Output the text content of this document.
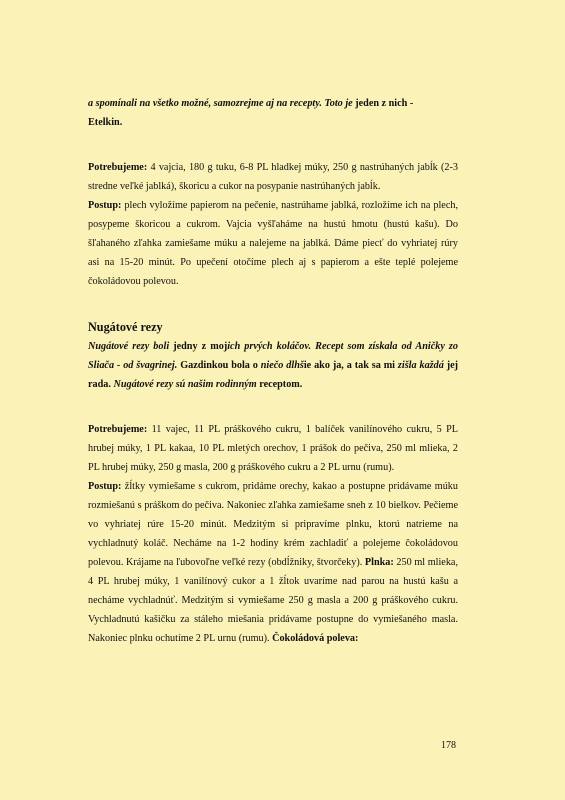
a spomínali na všetko možné, samozrejme aj na recepty. Toto je jeden z nich -
Etelkin.

Potrebujeme: 4 vajcia, 180 g tuku, 6-8 PL hladkej múky, 250 g nastrúhaných jabĺk (2-3 stredne veľké jablká), škoricu a cukor na posypanie nastrúhaných jabĺk.

Postup: plech vyložíme papierom na pečenie, nastrúhame jablká, rozložíme ich na plech, posypeme škoricou a cukrom. Vajcia vyšľaháme na hustú hmotu (hustú kašu). Do šľahaného zľahka zamiešame múku a nalejeme na jablká. Dáme piecť do vyhriatej rúry asi na 15-20 minút. Po upečení otočíme plech aj s papierom a ešte teplé polejeme čokoládovou polevou.

Nugátové rezy

Nugátové rezy boli jedny z mojich prvých koláčov. Recept som získala od Aničky zo Sliača - od švagrinej. Gazdinkou bola o niečo dlhšie ako ja, a tak sa mi zišla každá jej rada. Nugátové rezy sú našim rodinným receptom.

Potrebujeme: 11 vajec, 11 PL práškového cukru, 1 balíček vanilínového cukru, 5 PL hrubej múky, 1 PL kakaa, 10 PL mletých orechov, 1 prášok do pečiva, 250 ml mlieka, 2 PL hrubej múky, 250 g masla, 200 g práškového cukru a 2 PL urnu (rumu).

Postup: žĺtky vymiešame s cukrom, pridáme orechy, kakao a postupne pridávame múku rozmiešanú s práškom do pečiva. Nakoniec zľahka zamiešame sneh z 10 bielkov. Pečieme vo vyhriatej rúre 15-20 minút. Medzitým si pripravíme plnku, ktorú natrieme na vychladnutý koláč. Necháme na 1-2 hodiny krém zachladiť a polejeme čokoládovou polevou. Krájame na ľubovoľne veľké rezy (obdĺžniky, štvorčeky). Plnka: 250 ml mlieka, 4 PL hrubej múky, 1 vanilínový cukor a 1 žĺtok uvaríme nad parou na hustú kašu a necháme vychladnúť. Medzitým si vymiešame 250 g masla a 200 g práškového cukru. Vychladnutú kašičku za stáleho miešania pridávame postupne do vymiešaného masla. Nakoniec plnku ochutíme 2 PL urnu (rumu). Čokoládová poleva:

178
